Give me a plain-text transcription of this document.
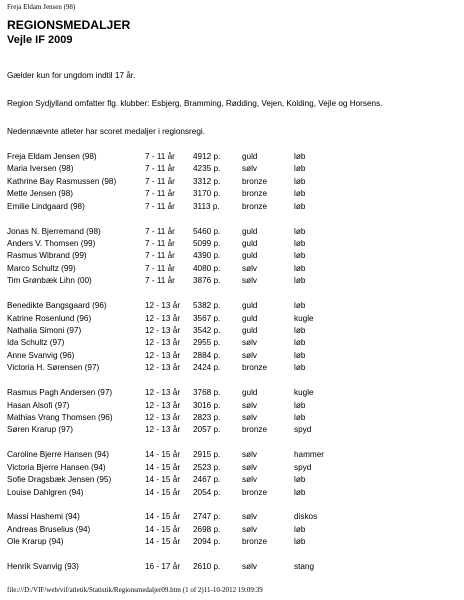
Freja Eldam Jensen (98)
REGIONSMEDALJER
Vejle IF 2009
Gælder kun for ungdom indtil 17 år.
Region Sydjylland omfatter flg. klubber: Esbjerg, Bramming, Rødding, Vejen, Kolding, Vejle og Horsens.
Nedennævnte atleter har scoret medaljer i regionsregi.
Freja Eldam Jensen (98)	7 - 11 år 4912 p.	guld	løb
Maria Iversen (98)	7 - 11 år 4235 p.	sølv	løb
Kathrine Bay Rasmussen (98)	7 - 11 år 3312 p.	bronze	løb
Mette Jensen (98)	7 - 11 år 3170 p.	bronze	løb
Emilie Lindgaard (98)	7 - 11 år 3113 p.	bronze	løb
Jonas N. Bjerremand (98)	7 - 11 år 5460 p.	guld	løb
Anders V. Thomsen (99)	7 - 11 år 5099 p.	guld	løb
Rasmus Wibrand (99)	7 - 11 år 4390 p.	guld	løb
Marco Schultz (99)	7 - 11 år 4080 p.	sølv	løb
Tim Grønbæk Lihn (00)	7 - 11 år 3876 p.	sølv	løb
Benedikte Bangsgaard (96)	12 - 13 år 5382 p.	guld	løb
Katrine Rosenlund (96)	12 - 13 år 3567 p.	guld	kugle
Nathalia Simoni (97)	12 - 13 år 3542 p.	guld	løb
Ida Schultz (97)	12 - 13 år 2955 p.	sølv	løb
Anne Svanvig (96)	12 - 13 år 2884 p.	sølv	løb
Victoria H. Sørensen (97)	12 - 13 år 2424 p.	bronze	løb
Rasmus Pagh Andersen (97)	12 - 13 år 3768 p.	guld	kugle
Hasan Alsofi (97)	12 - 13 år 3016 p.	sølv	løb
Mathias Vrang Thomsen (96)	12 - 13 år 2823 p.	sølv	løb
Søren Krarup (97)	12 - 13 år 2057 p.	bronze	spyd
Caroline Bjerre Hansen (94)	14 - 15 år 2915 p.	sølv	hammer
Victoria Bjerre Hansen (94)	14 - 15 år 2523 p.	sølv	spyd
Sofie Dragsbæk Jensen (95)	14 - 15 år 2467 p.	sølv	løb
Louise Dahlgren (94)	14 - 15 år 2054 p.	bronze	løb
Massi Hashemi (94)	14 - 15 år 2747 p.	sølv	diskos
Andreas Bruselius (94)	14 - 15 år 2698 p.	sølv	løb
Ole Krarup (94)	14 - 15 år 2094 p.	bronze	løb
Henrik Svanvig (93)	16 - 17 år 2610 p.	sølv	stang
file:///D:/VIF/web/vif/atletik/Statistik/Regionsmedaljer09.htm (1 of 2)11-10-2012 19:09:39
